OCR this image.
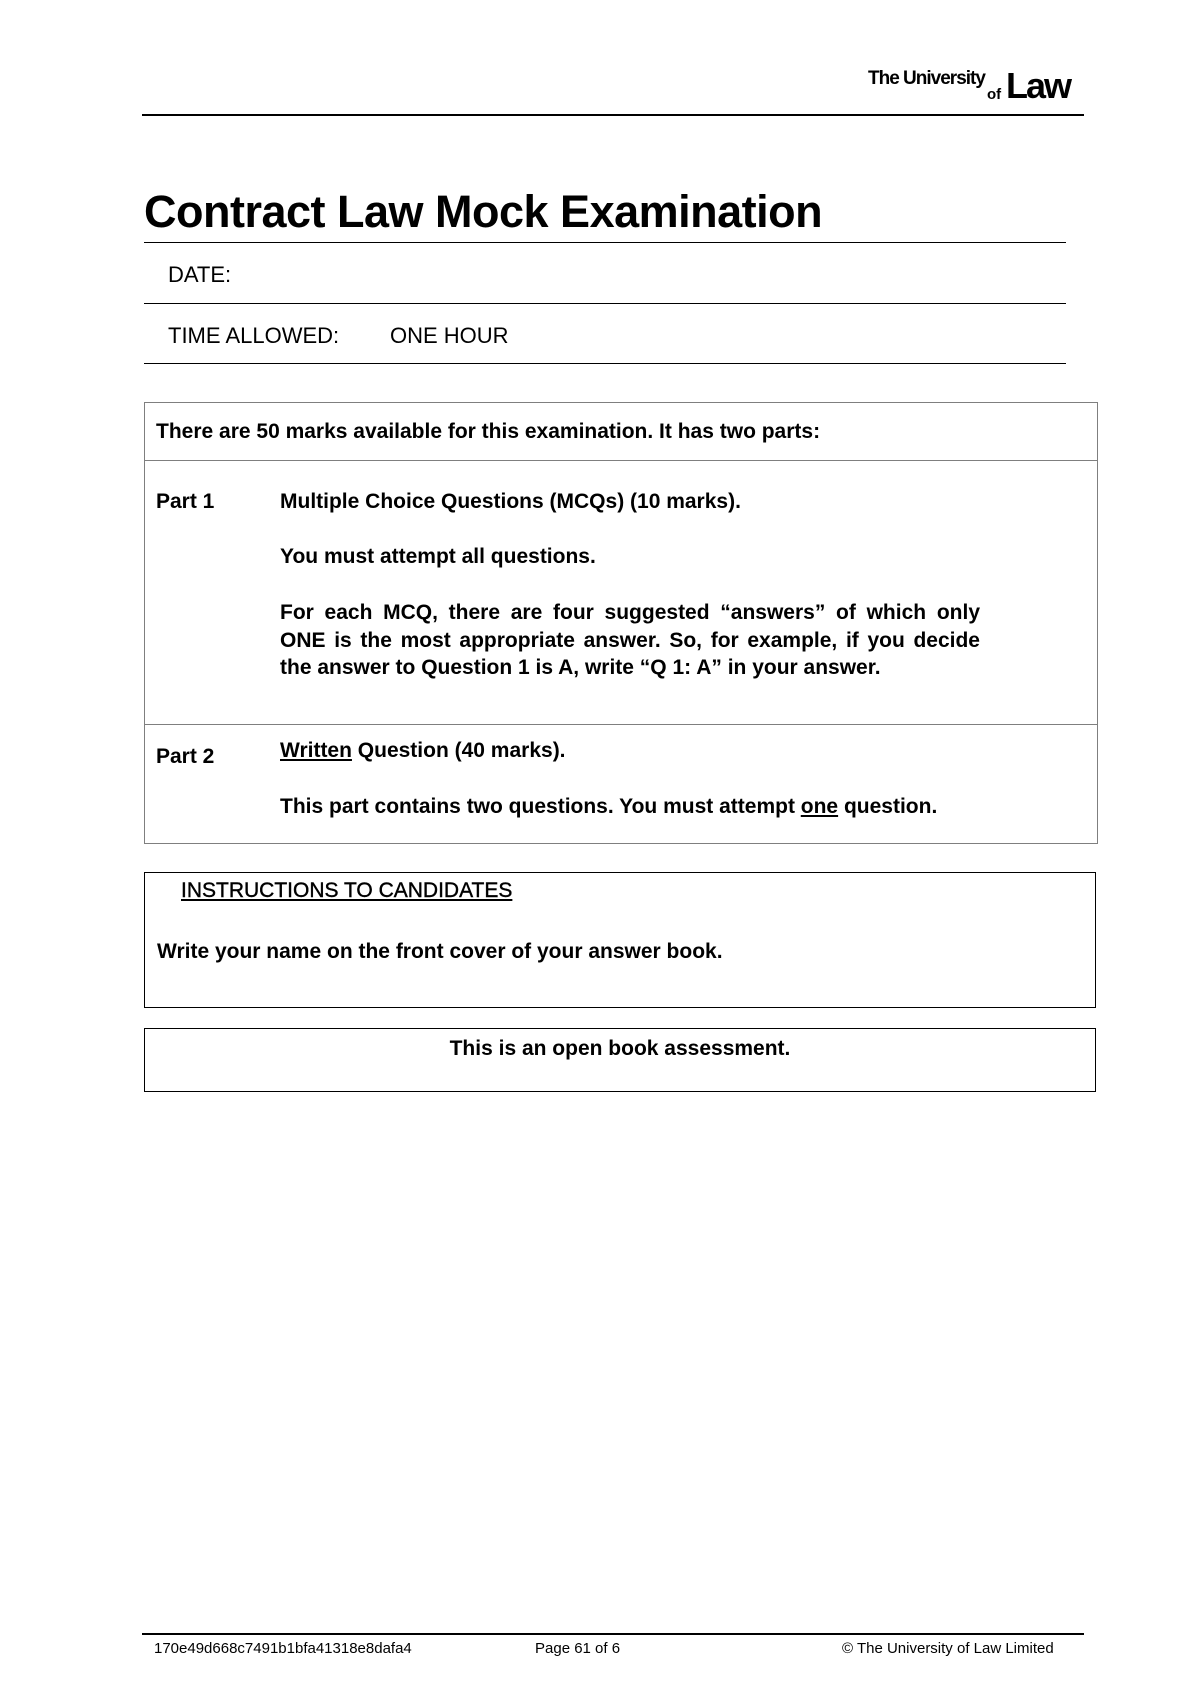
The University
of Law
Contract Law Mock Examination
DATE:
TIME ALLOWED: ONE HOUR
There are 50 marks available for this examination. It has two parts:
Part 1	Multiple Choice Questions (MCQs) (10 marks).
You must attempt all questions.
For each MCQ, there are four suggested “answers” of which only ONE is the most appropriate answer. So, for example, if you decide the answer to Question 1 is A, write “Q 1: A” in your answer.
Part 2	Written Question (40 marks).
This part contains two questions. You must attempt one question.
INSTRUCTIONS TO CANDIDATES
Write your name on the front cover of your answer book.
This is an open book assessment.
170e49d668c7491b1bfa41318e8dafa4	Page 61 of 6	© The University of Law Limited
